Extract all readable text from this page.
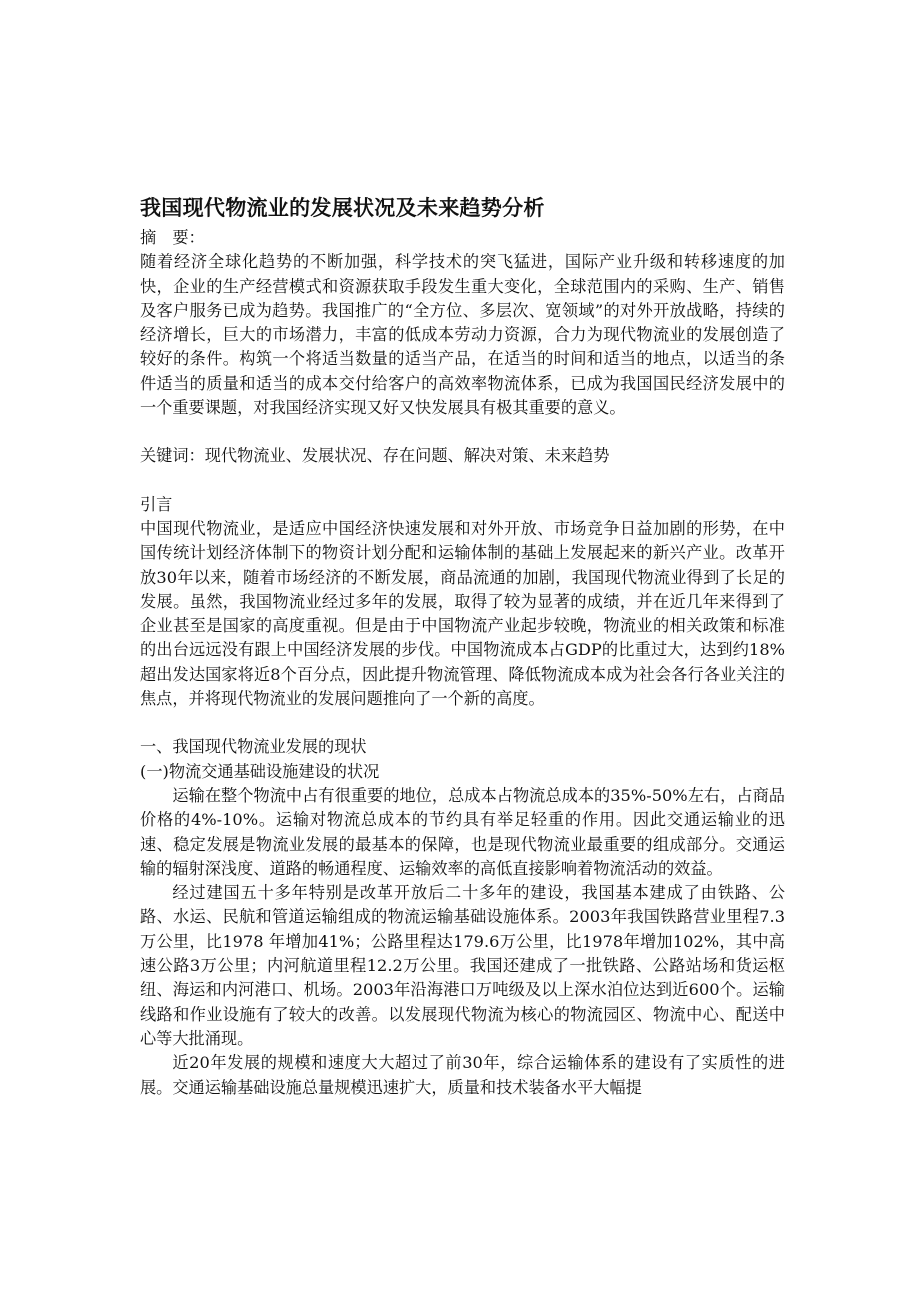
我国现代物流业的发展状况及未来趋势分析

摘　要：

随着经济全球化趋势的不断加强，科学技术的突飞猛进，国际产业升级和转移速度的加快，企业的生产经营模式和资源获取手段发生重大变化，全球范围内的采购、生产、销售及客户服务已成为趋势。我国推广的“全方位、多层次、宽领域”的对外开放战略，持续的经济增长，巨大的市场潜力，丰富的低成本劳动力资源，合力为现代物流业的发展创造了较好的条件。构筑一个将适当数量的适当产品，在适当的时间和适当的地点，以适当的条件适当的质量和适当的成本交付给客户的高效率物流体系，已成为我国国民经济发展中的一个重要课题，对我国经济实现又好又快发展具有极其重要的意义。

关键词：现代物流业、发展状况、存在问题、解决对策、未来趋势

引言

中国现代物流业，是适应中国经济快速发展和对外开放、市场竞争日益加剧的形势，在中国传统计划经济体制下的物资计划分配和运输体制的基础上发展起来的新兴产业。改革开放30年以来，随着市场经济的不断发展，商品流通的加剧，我国现代物流业得到了长足的发展。虽然，我国物流业经过多年的发展，取得了较为显著的成绩，并在近几年来得到了企业甚至是国家的高度重视。但是由于中国物流产业起步较晚，物流业的相关政策和标准的出台远远没有跟上中国经济发展的步伐。中国物流成本占GDP的比重过大，达到约18%超出发达国家将近8个百分点，因此提升物流管理、降低物流成本成为社会各行各业关注的焦点，并将现代物流业的发展问题推向了一个新的高度。

一、我国现代物流业发展的现状

(一)物流交通基础设施建设的状况

运输在整个物流中占有很重要的地位，总成本占物流总成本的35%-50%左右，占商品价格的4%-10%。运输对物流总成本的节约具有举足轻重的作用。因此交通运输业的迅速、稳定发展是物流业发展的最基本的保障，也是现代物流业最重要的组成部分。交通运输的辐射深浅度、道路的畅通程度、运输效率的高低直接影响着物流活动的效益。

经过建国五十多年特别是改革开放后二十多年的建设，我国基本建成了由铁路、公路、水运、民航和管道运输组成的物流运输基础设施体系。2003年我国铁路营业里程7.3万公里，比1978 年增加41%；公路里程达179.6万公里，比1978年增加102%，其中高速公路3万公里；内河航道里程12.2万公里。我国还建成了一批铁路、公路站场和货运枢纽、海运和内河港口、机场。2003年沿海港口万吨级及以上深水泊位达到近600个。运输线路和作业设施有了较大的改善。以发展现代物流为核心的物流园区、物流中心、配送中心等大批涌现。

近20年发展的规模和速度大大超过了前30年，综合运输体系的建设有了实质性的进展。交通运输基础设施总量规模迅速扩大，质量和技术装备水平大幅提
